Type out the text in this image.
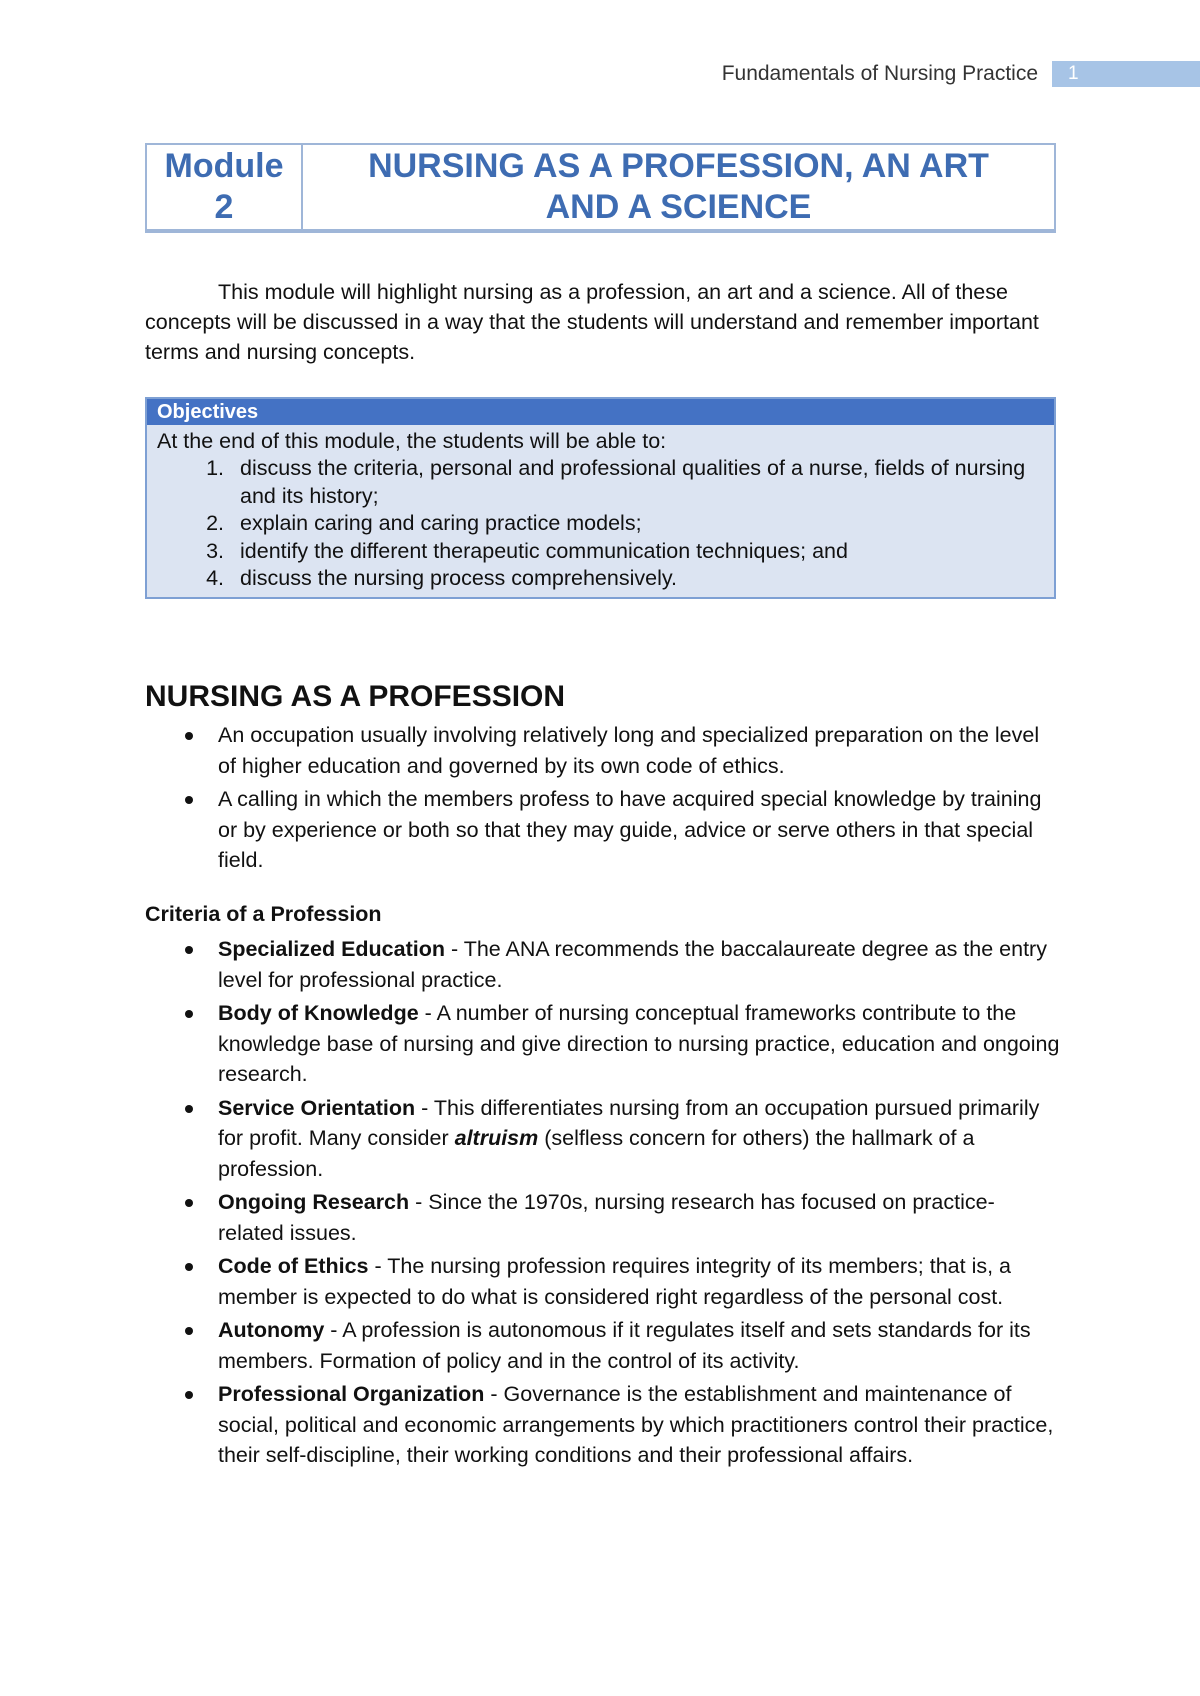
Fundamentals of Nursing Practice	1
Module
2
NURSING AS A PROFESSION, AN ART
AND A SCIENCE

This module will highlight nursing as a profession, an art and a science. All of these concepts will be discussed in a way that the students will understand and remember important terms and nursing concepts.

Objectives
At the end of this module, the students will be able to:
1. discuss the criteria, personal and professional qualities of a nurse, fields of nursing and its history;
2. explain caring and caring practice models;
3. identify the different therapeutic communication techniques; and
4. discuss the nursing process comprehensively.
NURSING AS A PROFESSION
An occupation usually involving relatively long and specialized preparation on the level of higher education and governed by its own code of ethics.
A calling in which the members profess to have acquired special knowledge by training or by experience or both so that they may guide, advice or serve others in that special field.
Criteria of a Profession
Specialized Education - The ANA recommends the baccalaureate degree as the entry level for professional practice.
Body of Knowledge - A number of nursing conceptual frameworks contribute to the knowledge base of nursing and give direction to nursing practice, education and ongoing research.
Service Orientation - This differentiates nursing from an occupation pursued primarily for profit. Many consider altruism (selfless concern for others) the hallmark of a profession.
Ongoing Research - Since the 1970s, nursing research has focused on practice-related issues.
Code of Ethics - The nursing profession requires integrity of its members; that is, a member is expected to do what is considered right regardless of the personal cost.
Autonomy - A profession is autonomous if it regulates itself and sets standards for its members. Formation of policy and in the control of its activity.
Professional Organization - Governance is the establishment and maintenance of social, political and economic arrangements by which practitioners control their practice, their self-discipline, their working conditions and their professional affairs.
